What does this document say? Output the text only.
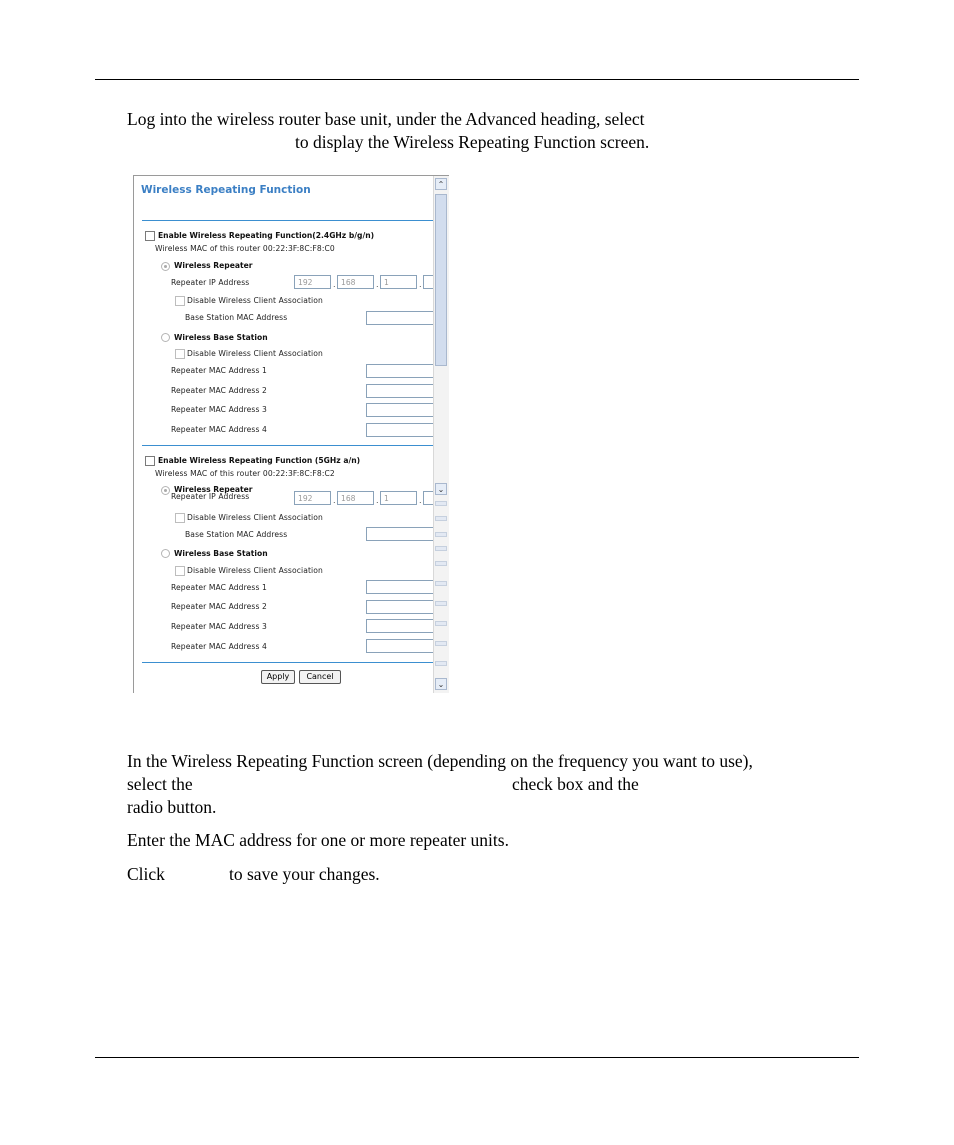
Log into the wireless router base unit, under the Advanced heading, select
to display the Wireless Repeating Function screen.
Wireless Repeating Function
Enable Wireless Repeating Function(2.4GHz b/g/n)
Wireless MAC of this router 00:22:3F:8C:F8:C0
Wireless Repeater
Repeater IP Address	192	. 168	. 1	.
Disable Wireless Client Association
Base Station MAC Address
Wireless Base Station
Disable Wireless Client Association
Repeater MAC Address 1
Repeater MAC Address 2
Repeater MAC Address 3
Repeater MAC Address 4
Enable Wireless Repeating Function (5GHz a/n)
Wireless MAC of this router 00:22:3F:8C:F8:C2
Wireless Repeater
Repeater IP Address	192	. 168	. 1	.
Disable Wireless Client Association
Base Station MAC Address
Wireless Base Station
Disable Wireless Client Association
Repeater MAC Address 1
Repeater MAC Address 2
Repeater MAC Address 3
Repeater MAC Address 4
Apply	Cancel
⌃
⌄
⌄
In the Wireless Repeating Function screen (depending on the frequency you want to use),
select the	check box and the
radio button.
Enter the MAC address for one or more repeater units.
Click	to save your changes.
